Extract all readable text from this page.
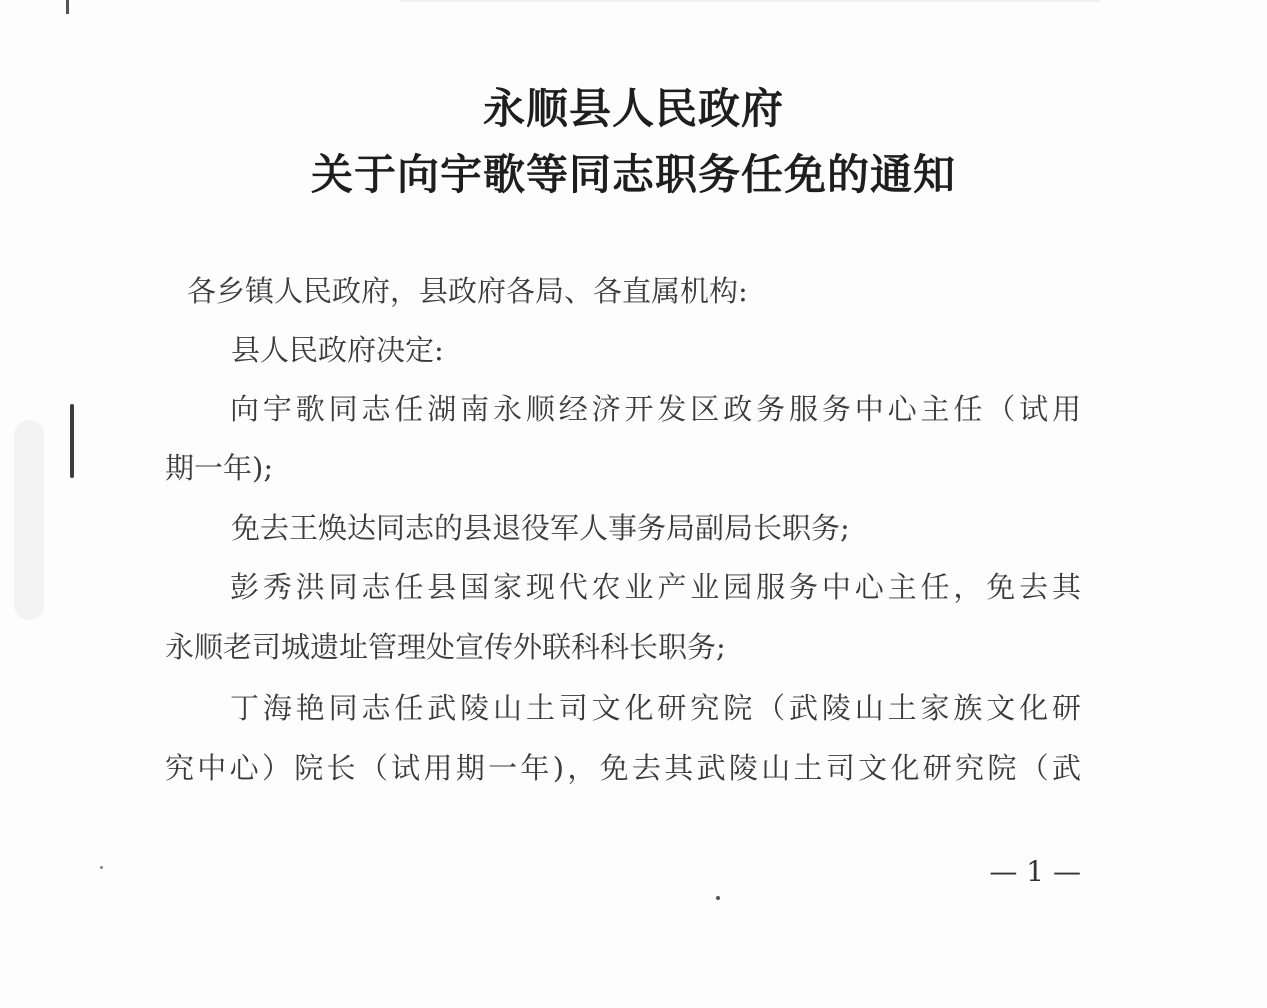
永顺县人民政府
关于向宇歌等同志职务任免的通知

各乡镇人民政府，县政府各局、各直属机构:

县人民政府决定:

向宇歌同志任湖南永顺经济开发区政务服务中心主任（试用

期一年);

免去王焕达同志的县退役军人事务局副局长职务;

彭秀洪同志任县国家现代农业产业园服务中心主任，免去其

永顺老司城遗址管理处宣传外联科科长职务;

丁海艳同志任武陵山土司文化研究院（武陵山土家族文化研

究中心）院长（试用期一年)，免去其武陵山土司文化研究院（武

— 1 —
